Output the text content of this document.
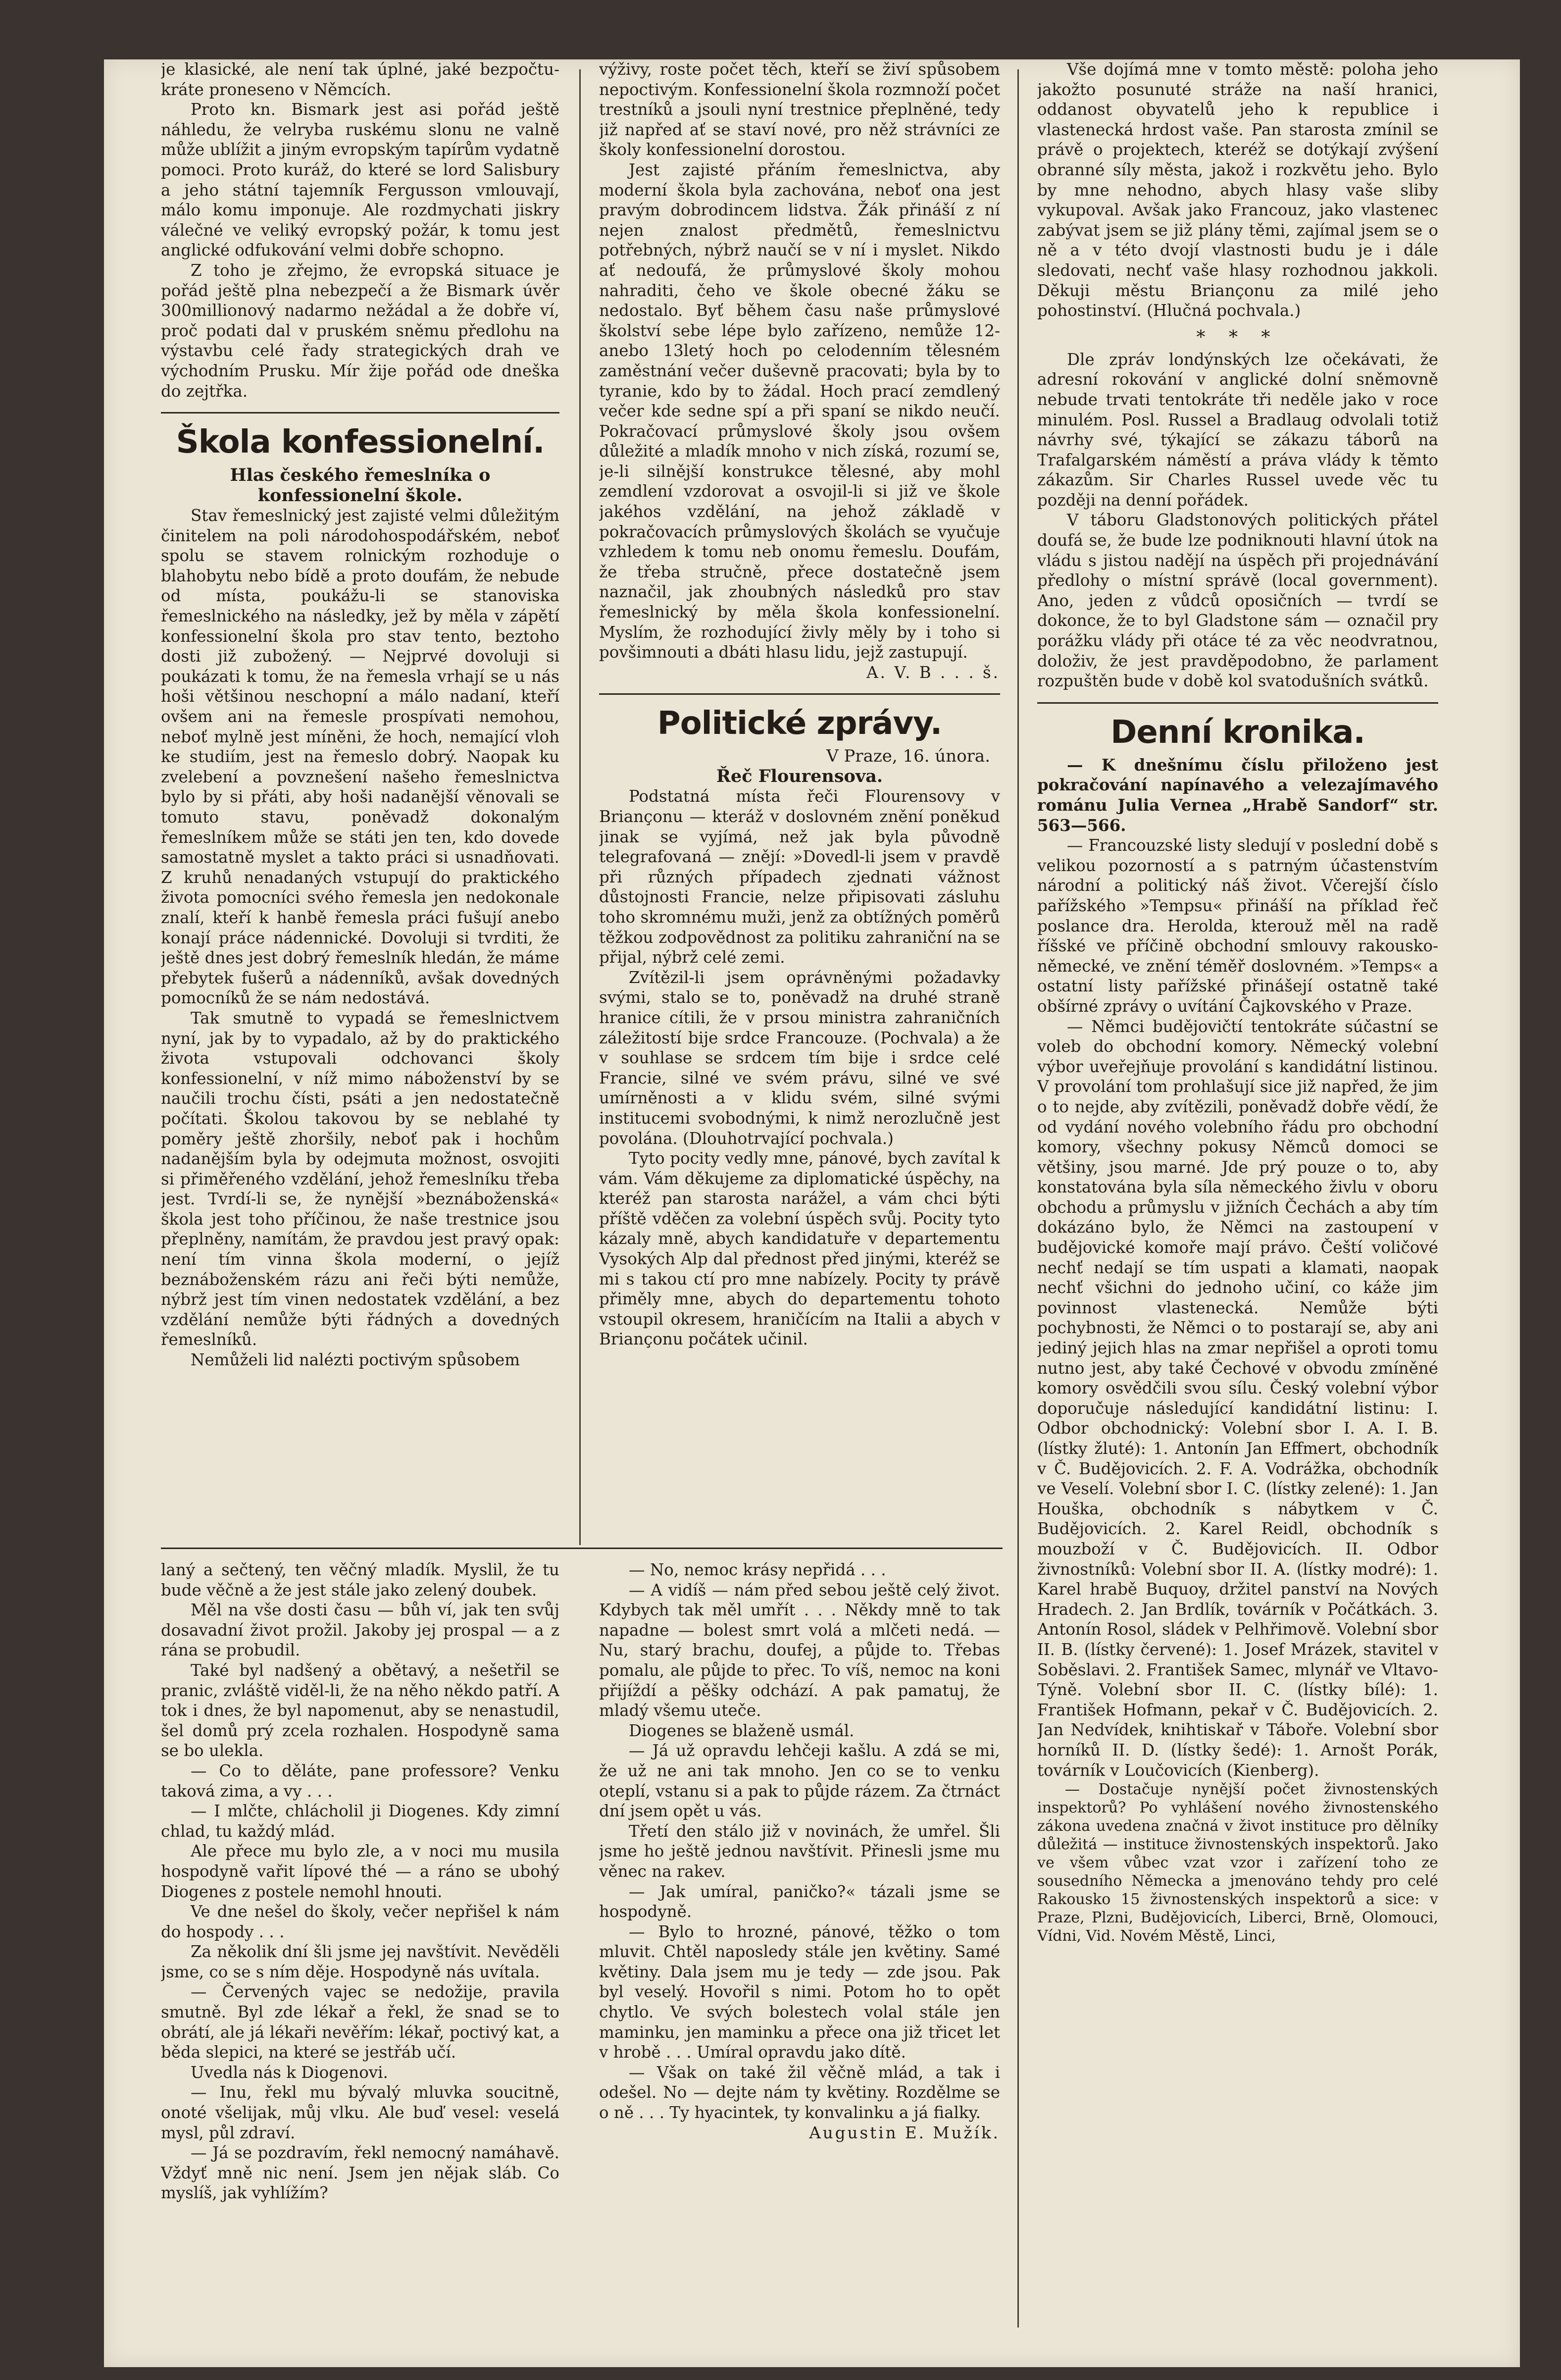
je klasické, ale není tak úplné, jaké bezpočtu-kráte proneseno v Němcích.

Proto kn. Bismark jest asi pořád ještě náhledu, že velryba ruskému slonu ne valně může ublížit a jiným evropským tapírům vydatně pomoci. Proto kuráž, do které se lord Salisbury a jeho státní tajemník Fergusson vmlouvají, málo komu imponuje. Ale rozdmychati jiskry válečné ve veliký evropský požár, k tomu jest anglické odfukování velmi dobře schopno.

Z toho je zřejmo, že evropská situace je pořád ještě plna nebezpečí a že Bismark úvěr 300millionový nadarmo nežádal a že dobře ví, proč podati dal v pruském sněmu předlohu na výstavbu celé řady strategických drah ve východním Prusku. Mír žije pořád ode dneška do zejtřka.

Škola konfessionelní.

Hlas českého řemeslníka o konfessionelní škole.

Stav řemeslnický jest zajisté velmi důležitým činitelem na poli národohospodářském, neboť spolu se stavem rolnickým rozhoduje o blahobytu nebo bídě a proto doufám, že nebude od místa, poukážu-li se stanoviska řemeslnického na následky, jež by měla v zápětí konfessionelní škola pro stav tento, beztoho dosti již zubožený. — Nejprvé dovoluji si poukázati k tomu, že na řemesla vrhají se u nás hoši většinou neschopní a málo nadaní, kteří ovšem ani na řemesle prospívati nemohou, neboť mylně jest míněni, že hoch, nemající vloh ke studiím, jest na řemeslo dobrý. Naopak ku zvelebení a povznešení našeho řemeslnictva bylo by si přáti, aby hoši nadanější věnovali se tomuto stavu, poněvadž dokonalým řemeslníkem může se státi jen ten, kdo dovede samostatně myslet a takto práci si usnadňovati. Z kruhů nenadaných vstupují do praktického života pomocníci svého řemesla jen nedokonale znalí, kteří k hanbě řemesla práci fušují anebo konají práce nádennické. Dovoluji si tvrditi, že ještě dnes jest dobrý řemeslník hledán, že máme přebytek fušerů a nádenníků, avšak dovedných pomocníků že se nám nedostává.

Tak smutně to vypadá se řemeslnictvem nyní, jak by to vypadalo, až by do praktického života vstupovali odchovanci školy konfessionelní, v níž mimo náboženství by se naučili trochu čísti, psáti a jen nedostatečně počítati. Školou takovou by se neblahé ty poměry ještě zhoršily, neboť pak i hochům nadanějším byla by odejmuta možnost, osvojiti si přiměřeného vzdělání, jehož řemeslníku třeba jest. Tvrdí-li se, že nynější »beznáboženská« škola jest toho příčinou, že naše trestnice jsou přeplněny, namítám, že pravdou jest pravý opak: není tím vinna škola moderní, o jejíž beznáboženském rázu ani řeči býti nemůže, nýbrž jest tím vinen nedostatek vzdělání, a bez vzdělání nemůže býti řádných a dovedných řemeslníků.

Nemůželi lid nalézti poctivým spůsobem

výživy, roste počet těch, kteří se živí spůsobem nepoctivým. Konfessionelní škola rozmnoží počet trestníků a jsouli nyní trestnice přeplněné, tedy již napřed ať se staví nové, pro něž strávníci ze školy konfessionelní dorostou.

Jest zajisté přáním řemeslnictva, aby moderní škola byla zachována, neboť ona jest pravým dobrodincem lidstva. Žák přináší z ní nejen znalost předmětů, řemeslnictvu potřebných, nýbrž naučí se v ní i myslet. Nikdo ať nedoufá, že průmyslové školy mohou nahraditi, čeho ve škole obecné žáku se nedostalo. Byť během času naše průmyslové školství sebe lépe bylo zařízeno, nemůže 12- anebo 13letý hoch po celodenním tělesném zaměstnání večer duševně pracovati; byla by to tyranie, kdo by to žádal. Hoch prací zemdlený večer kde sedne spí a při spaní se nikdo neučí. Pokračovací průmyslové školy jsou ovšem důležité a mladík mnoho v nich získá, rozumí se, je-li silnější konstrukce tělesné, aby mohl zemdlení vzdorovat a osvojil-li si již ve škole jakéhos vzdělání, na jehož základě v pokračovacích průmyslových školách se vyučuje vzhledem k tomu neb onomu řemeslu. Doufám, že třeba stručně, přece dostatečně jsem naznačil, jak zhoubných následků pro stav řemeslnický by měla škola konfessionelní. Myslím, že rozhodující živly měly by i toho si povšimnouti a dbáti hlasu lidu, jejž zastupují.

A. V. B . . . š.

Politické zprávy.

V Praze, 16. února.

Řeč Flourensova.

Podstatná místa řeči Flourensovy v Briançonu — kteráž v doslovném znění poněkud jinak se vyjímá, než jak byla původně telegrafovaná — znějí: »Dovedl-li jsem v pravdě při různých případech zjednati vážnost důstojnosti Francie, nelze připisovati zásluhu toho skromnému muži, jenž za obtížných poměrů těžkou zodpovědnost za politiku zahraniční na se přijal, nýbrž celé zemi.

Zvítězil-li jsem oprávněnými požadavky svými, stalo se to, poněvadž na druhé straně hranice cítili, že v prsou ministra zahraničních záležitostí bije srdce Francouze. (Pochvala) a že v souhlase se srdcem tím bije i srdce celé Francie, silné ve svém právu, silné ve své umírněnosti a v klidu svém, silné svými institucemi svobodnými, k nimž nerozlučně jest povolána. (Dlouhotrvající pochvala.)

Tyto pocity vedly mne, pánové, bych zavítal k vám. Vám děkujeme za diplomatické úspěchy, na kteréž pan starosta narážel, a vám chci býti příště vděčen za volební úspěch svůj. Pocity tyto kázaly mně, abych kandidatuře v departementu Vysokých Alp dal přednost před jinými, kteréž se mi s takou ctí pro mne nabízely. Pocity ty právě přiměly mne, abych do departementu tohoto vstoupil okresem, hraničícím na Italii a abych v Briançonu počátek učinil.

Vše dojímá mne v tomto městě: poloha jeho jakožto posunuté stráže na naší hranici, oddanost obyvatelů jeho k republice i vlastenecká hrdost vaše. Pan starosta zmínil se právě o projektech, kteréž se dotýkají zvýšení obranné síly města, jakož i rozkvětu jeho. Bylo by mne nehodno, abych hlasy vaše sliby vykupoval. Avšak jako Francouz, jako vlastenec zabývat jsem se již plány těmi, zajímal jsem se o ně a v této dvojí vlastnosti budu je i dále sledovati, nechť vaše hlasy rozhodnou jakkoli. Děkuji městu Briançonu za milé jeho pohostinství. (Hlučná pochvala.)

* * *

Dle zpráv londýnských lze očekávati, že adresní rokování v anglické dolní sněmovně nebude trvati tentokráte tři neděle jako v roce minulém. Posl. Russel a Bradlaug odvolali totiž návrhy své, týkající se zákazu táborů na Trafalgarském náměstí a práva vlády k těmto zákazům. Sir Charles Russel uvede věc tu později na denní pořádek.

V táboru Gladstonových politických přátel doufá se, že bude lze podniknouti hlavní útok na vládu s jistou nadějí na úspěch při projednávání předlohy o místní správě (local government). Ano, jeden z vůdců oposičních — tvrdí se dokonce, že to byl Gladstone sám — označil pry porážku vlády při otáce té za věc neodvratnou, doloživ, že jest pravděpodobno, že parlament rozpuštěn bude v době kol svatodušních svátků.

Denní kronika.

— K dnešnímu číslu přiloženo jest pokračování napínavého a velezajímavého románu Julia Vernea „Hrabě Sandorf“ str. 563—566.

— Francouzské listy sledují v poslední době s velikou pozorností a s patrným účastenstvím národní a politický náš život. Včerejší číslo pařížského »Tempsu« přináší na příklad řeč poslance dra. Herolda, kterouž měl na radě říšské ve příčině obchodní smlouvy rakousko-německé, ve znění téměř doslovném. »Temps« a ostatní listy pařížské přinášejí ostatně také obšírné zprávy o uvítání Čajkovského v Praze.

— Němci budějovičtí tentokráte súčastní se voleb do obchodní komory. Německý volební výbor uveřejňuje provolání s kandidátní listinou. V provolání tom prohlašují sice již napřed, že jim o to nejde, aby zvítězili, poněvadž dobře vědí, že od vydání nového volebního řádu pro obchodní komory, všechny pokusy Němců domoci se většiny, jsou marné. Jde prý pouze o to, aby konstatována byla síla německého živlu v oboru obchodu a průmyslu v jižních Čechách a aby tím dokázáno bylo, že Němci na zastoupení v budějovické komoře mají právo. Čeští voličové nechť nedají se tím uspati a klamati, naopak nechť všichni do jednoho učiní, co káže jim povinnost vlastenecká. Nemůže býti pochybnosti, že Němci o to postarají se, aby ani jediný jejich hlas na zmar nepřišel a oproti tomu nutno jest, aby také Čechové v obvodu zmíněné komory osvědčili svou sílu. Český volební výbor doporučuje následující kandidátní listinu: I. Odbor obchodnický: Volební sbor I. A. I. B. (lístky žluté): 1. Antonín Jan Effmert, obchodník v Č. Budějovicích. 2. F. A. Vodrážka, obchodník ve Veselí. Volební sbor I. C. (lístky zelené): 1. Jan Houška, obchodník s nábytkem v Č. Budějovicích. 2. Karel Reidl, obchodník s mouzboží v Č. Budějovicích. II. Odbor živnostníků: Volební sbor II. A. (lístky modré): 1. Karel hrabě Buquoy, držitel panství na Nových Hradech. 2. Jan Brdlík, továrník v Počátkách. 3. Antonín Rosol, sládek v Pelhřimově. Volební sbor II. B. (lístky červené): 1. Josef Mrázek, stavitel v Soběslavi. 2. František Samec, mlynář ve Vltavo-Týně. Volební sbor II. C. (lístky bílé): 1. František Hofmann, pekař v Č. Budějovicích. 2. Jan Nedvídek, knihtiskař v Táboře. Volební sbor horníků II. D. (lístky šedé): 1. Arnošt Porák, továrník v Loučovicích (Kienberg).

— Dostačuje nynější počet živnostenských inspektorů? Po vyhlášení nového živnostenského zákona uvedena značná v život instituce pro dělníky důležitá — instituce živnostenských inspektorů. Jako ve všem vůbec vzat vzor i zařízení toho ze sousedního Německa a jmenováno tehdy pro celé Rakousko 15 živnostenských inspektorů a sice: v Praze, Plzni, Budějovicích, Liberci, Brně, Olomouci, Vídni, Vid. Novém Městě, Linci,

laný a sečtený, ten věčný mladík. Myslil, že tu bude věčně a že jest stále jako zelený doubek.

Měl na vše dosti času — bůh ví, jak ten svůj dosavadní život prožil. Jakoby jej prospal — a z rána se probudil.

Také byl nadšený a obětavý, a nešetřil se pranic, zvláště viděl-li, že na něho někdo patří. A tok i dnes, že byl napomenut, aby se nenastudil, šel domů prý zcela rozhalen. Hospodyně sama se bo ulekla.

— Co to děláte, pane professore? Venku taková zima, a vy . . .

— I mlčte, chlácholil ji Diogenes. Kdy zimní chlad, tu každý mlád.

Ale přece mu bylo zle, a v noci mu musila hospodyně vařit lípové thé — a ráno se ubohý Diogenes z postele nemohl hnouti.

Ve dne nešel do školy, večer nepřišel k nám do hospody . . .

Za několik dní šli jsme jej navštívit. Nevěděli jsme, co se s ním děje. Hospodyně nás uvítala.

— Červených vajec se nedožije, pravila smutně. Byl zde lékař a řekl, že snad se to obrátí, ale já lékaři nevěřím: lékař, poctivý kat, a běda slepici, na které se jestřáb učí.

Uvedla nás k Diogenovi.

— Inu, řekl mu bývalý mluvka soucitně, onoté všelijak, můj vlku. Ale buď vesel: veselá mysl, půl zdraví.

— Já se pozdravím, řekl nemocný namáhavě. Vždyť mně nic není. Jsem jen nějak sláb. Co myslíš, jak vyhlížím?

— No, nemoc krásy nepřidá . . .

— A vidíš — nám před sebou ještě celý život. Kdybych tak měl umřít . . . Někdy mně to tak napadne — bolest smrt volá a mlčeti nedá. — Nu, starý brachu, doufej, a půjde to. Třebas pomalu, ale půjde to přec. To víš, nemoc na koni přijíždí a pěšky odchází. A pak pamatuj, že mladý všemu uteče.

Diogenes se blaženě usmál.

— Já už opravdu lehčeji kašlu. A zdá se mi, že už ne ani tak mnoho. Jen co se to venku oteplí, vstanu si a pak to půjde rázem. Za čtrnáct dní jsem opět u vás.

Třetí den stálo již v novinách, že umřel. Šli jsme ho ještě jednou navštívit. Přinesli jsme mu věnec na rakev.

— Jak umíral, paničko?« tázali jsme se hospodyně.

— Bylo to hrozné, pánové, těžko o tom mluvit. Chtěl naposledy stále jen květiny. Samé květiny. Dala jsem mu je tedy — zde jsou. Pak byl veselý. Hovořil s nimi. Potom ho to opět chytlo. Ve svých bolestech volal stále jen maminku, jen maminku a přece ona již třicet let v hrobě . . . Umíral opravdu jako dítě.

— Však on také žil věčně mlád, a tak i odešel. No — dejte nám ty květiny. Rozdělme se o ně . . . Ty hyacintek, ty konvalinku a já fialky.

Augustin E. Mužík.
